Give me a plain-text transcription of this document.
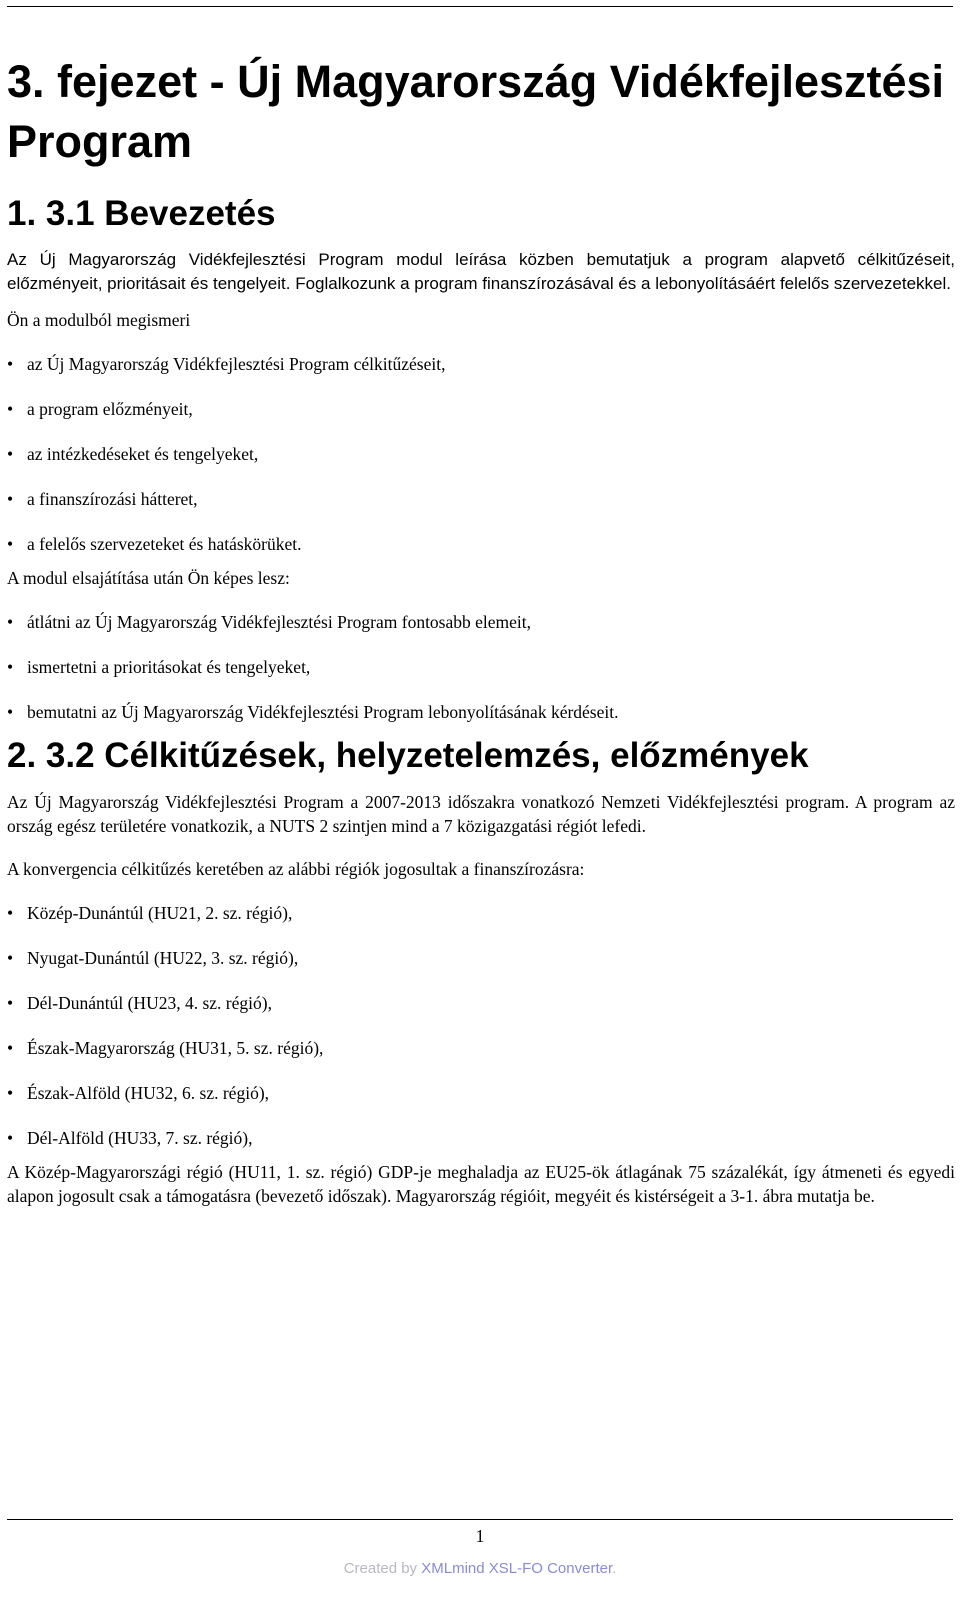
3. fejezet - Új Magyarország Vidékfejlesztési Program
1. 3.1 Bevezetés

Az Új Magyarország Vidékfejlesztési Program modul leírása közben bemutatjuk a program alapvető célkitűzéseit, előzményeit, prioritásait és tengelyeit. Foglalkozunk a program finanszírozásával és a lebonyolításáért felelős szervezetekkel.

Ön a modulból megismeri

• az Új Magyarország Vidékfejlesztési Program célkitűzéseit,
• a program előzményeit,
• az intézkedéseket és tengelyeket,
• a finanszírozási hátteret,
• a felelős szervezeteket és hatáskörüket.

A modul elsajátítása után Ön képes lesz:

• átlátni az Új Magyarország Vidékfejlesztési Program fontosabb elemeit,
• ismertetni a prioritásokat és tengelyeket,
• bemutatni az Új Magyarország Vidékfejlesztési Program lebonyolításának kérdéseit.
2. 3.2 Célkitűzések, helyzetelemzés, előzmények

Az Új Magyarország Vidékfejlesztési Program a 2007-2013 időszakra vonatkozó Nemzeti Vidékfejlesztési program. A program az ország egész területére vonatkozik, a NUTS 2 szintjen mind a 7 közigazgatási régiót lefedi.

A konvergencia célkitűzés keretében az alábbi régiók jogosultak a finanszírozásra:

• Közép-Dunántúl (HU21, 2. sz. régió),
• Nyugat-Dunántúl (HU22, 3. sz. régió),
• Dél-Dunántúl (HU23, 4. sz. régió),
• Észak-Magyarország (HU31, 5. sz. régió),
• Észak-Alföld (HU32, 6. sz. régió),
• Dél-Alföld (HU33, 7. sz. régió),

A Közép-Magyarországi régió (HU11, 1. sz. régió) GDP-je meghaladja az EU25-ök átlagának 75 százalékát, így átmeneti és egyedi alapon jogosult csak a támogatásra (bevezető időszak). Magyarország régióit, megyéit és kistérségeit a 3-1. ábra mutatja be.

1
Created by XMLmind XSL-FO Converter.
